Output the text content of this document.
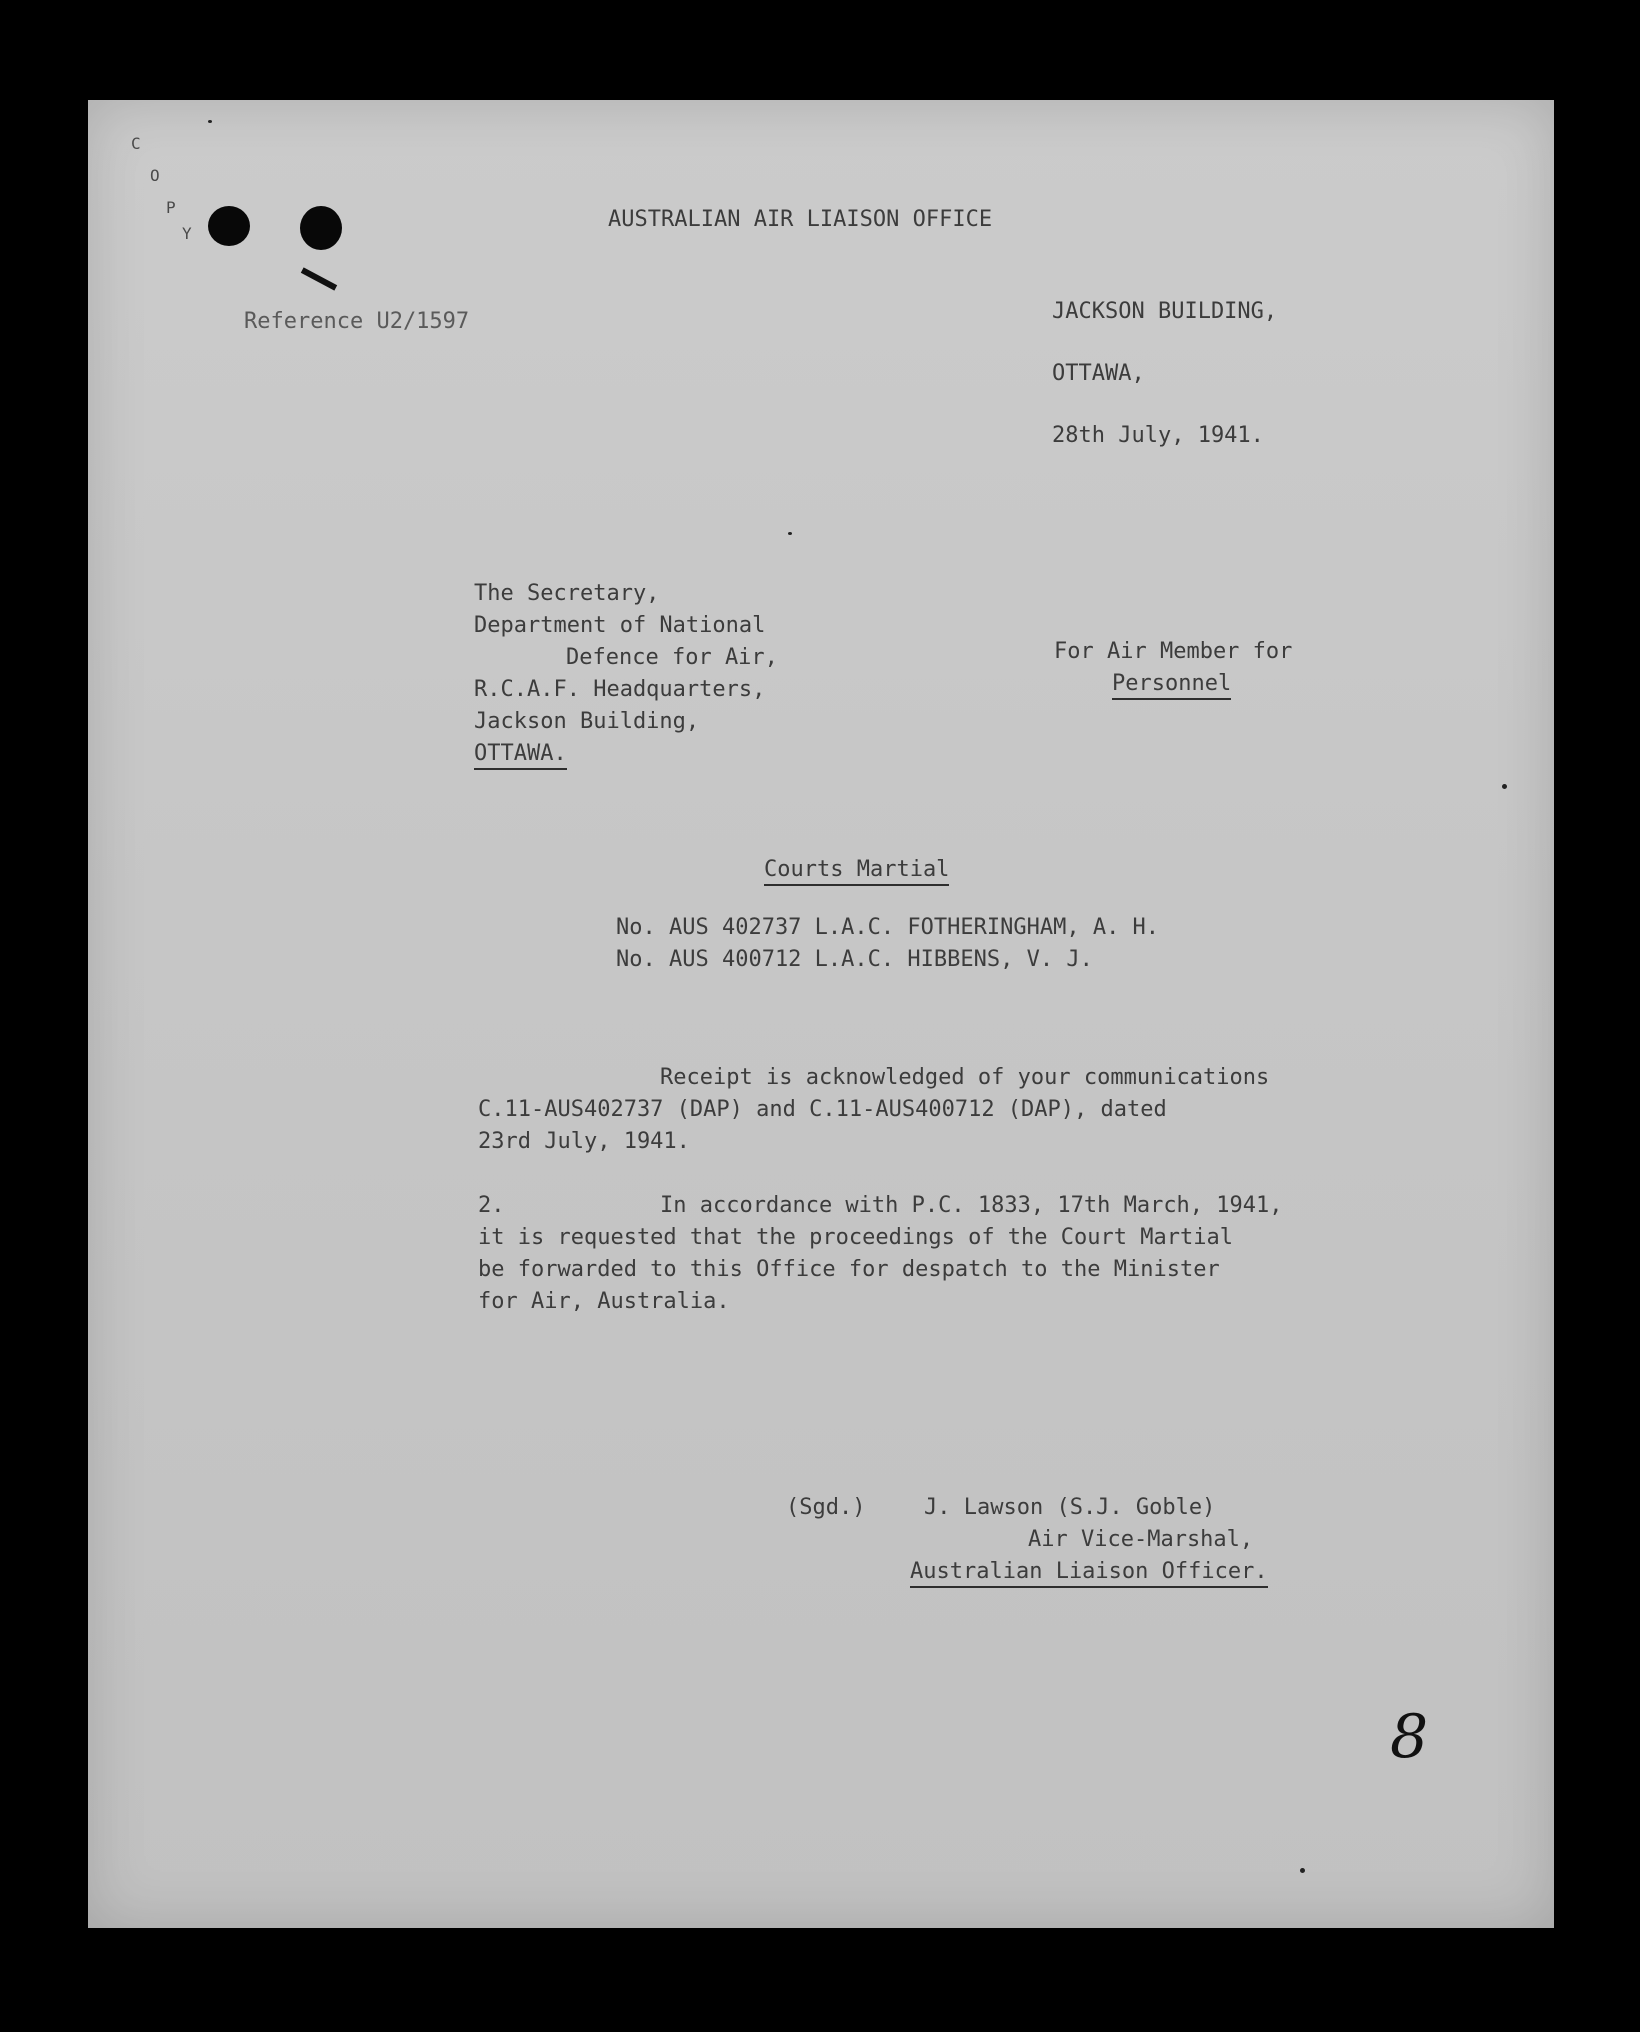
C
O
P
Y

AUSTRALIAN AIR LIAISON OFFICE

Reference U2/1597	JACKSON BUILDING,

OTTAWA,

28th July, 1941.

The Secretary,

Department of National

Defence for Air,

R.C.A.F. Headquarters,

Jackson Building,

OTTAWA.

For Air Member for

Personnel

Courts Martial

No. AUS 402737 L.A.C. FOTHERINGHAM, A. H.

No. AUS 400712 L.A.C. HIBBENS, V. J.

Receipt is acknowledged of your communications

C.11-AUS402737 (DAP) and C.11-AUS400712 (DAP), dated

23rd July, 1941.

2.	In accordance with P.C. 1833, 17th March, 1941,

it is requested that the proceedings of the Court Martial

be forwarded to this Office for despatch to the Minister

for Air, Australia.

(Sgd.)	J. Lawson (S.J. Goble)

Air Vice-Marshal,

Australian Liaison Officer.

8
